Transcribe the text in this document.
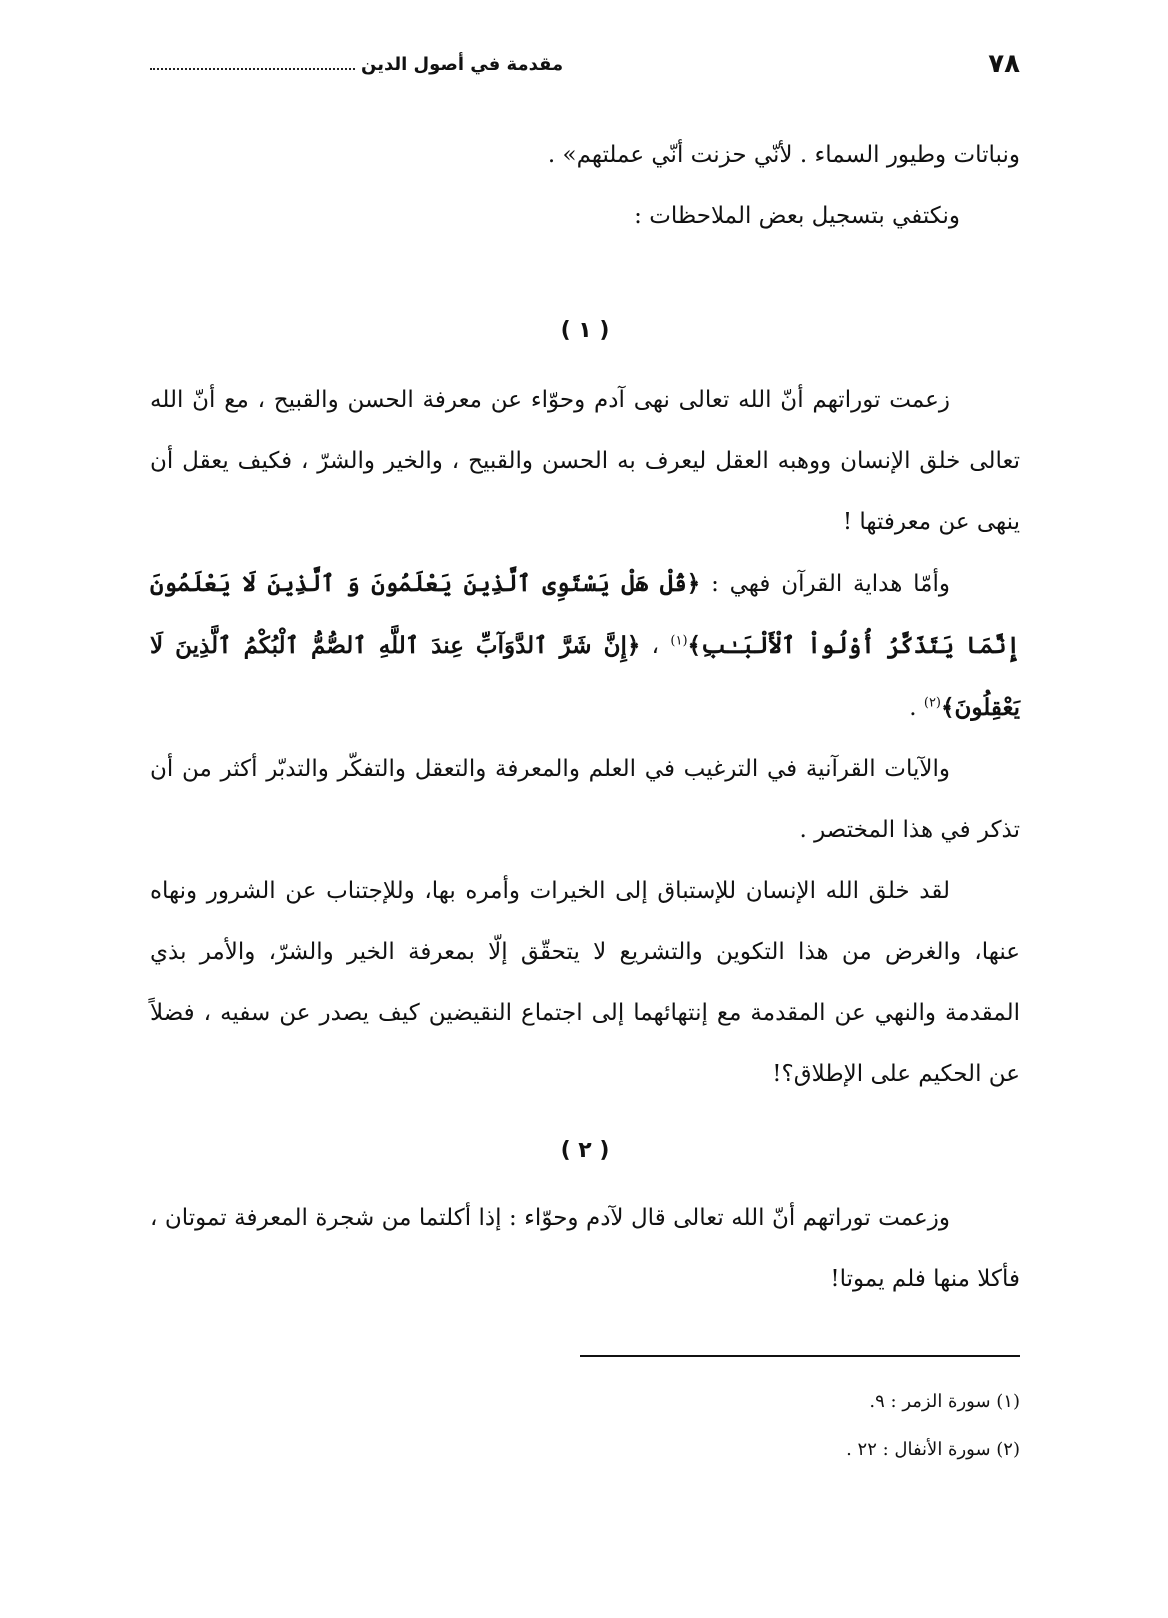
٧٨
مقدمة في أصول الدين

ونباتات وطيور السماء . لأنّي حزنت أنّي عملتهم» .

ونكتفي بتسجيل بعض الملاحظات :

( ١ )

زعمت توراتهم أنّ الله تعالى نهى آدم وحوّاء عن معرفة الحسن والقبيح ، مع أنّ الله تعالى خلق الإنسان ووهبه العقل ليعرف به الحسن والقبيح ، والخير والشرّ ، فكيف يعقل أن ينهى عن معرفتها !

وأمّا هداية القرآن فهي : ﴿قُلْ هَلْ يَسْتَوِى ٱلَّذِينَ يَعْلَمُونَ وَ ٱلَّذِينَ لَا يَعْلَمُونَ إِنَّمَا يَتَذَكَّرُ أُوْلُواْ ٱلْأَلْبَـٰبِ﴾$^{(١)}$ ، ﴿إِنَّ شَرَّ ٱلدَّوَآبِّ عِندَ ٱللَّهِ ٱلصُّمُّ ٱلْبُكْمُ ٱلَّذِينَ لَا يَعْقِلُونَ﴾$^{(٢)}$ .

والآيات القرآنية في الترغيب في العلم والمعرفة والتعقل والتفكّر والتدبّر أكثر من أن تذكر في هذا المختصر .

لقد خلق الله الإنسان للإستباق إلى الخيرات وأمره بها، وللإجتناب عن الشرور ونهاه عنها، والغرض من هذا التكوين والتشريع لا يتحقّق إلّا بمعرفة الخير والشرّ، والأمر بذي المقدمة والنهي عن المقدمة مع إنتهائهما إلى اجتماع النقيضين كيف يصدر عن سفيه ، فضلاً عن الحكيم على الإطلاق؟!

( ٢ )

وزعمت توراتهم أنّ الله تعالى قال لآدم وحوّاء : إذا أكلتما من شجرة المعرفة تموتان ، فأكلا منها فلم يموتا!

(١) سورة الزمر : ٩.
(٢) سورة الأنفال : ٢٢ .
